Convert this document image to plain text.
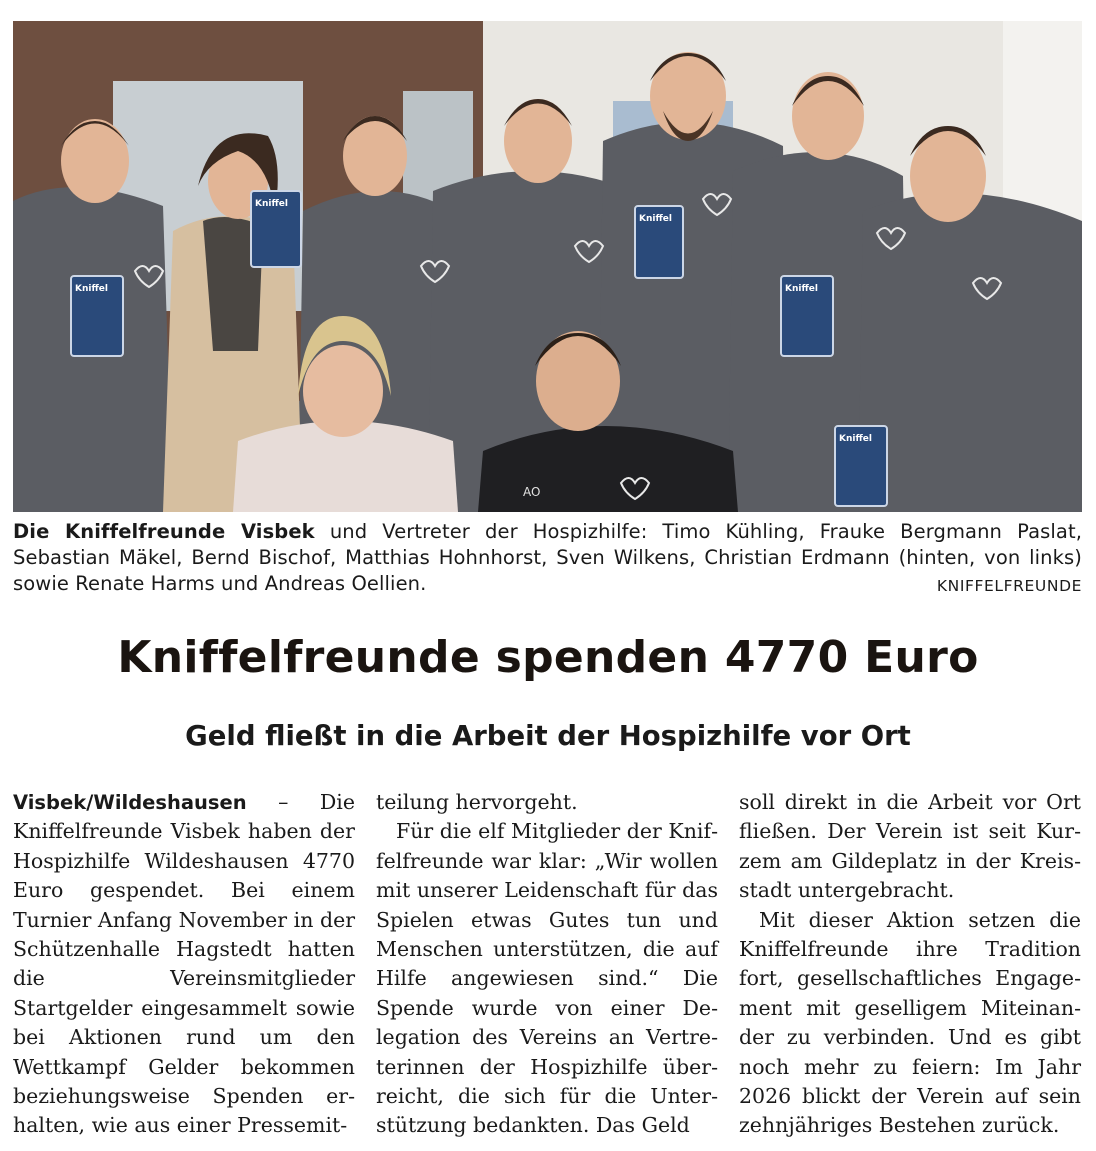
AO
Kniffel
Kniffel
Kniffel
Kniffel
Kniffel
Die Kniffelfreunde Visbek und Vertreter der Hospizhilfe: Timo Kühling, Frauke Bergmann Paslat, Sebastian Mäkel, Bernd Bischof, Matthias Hohnhorst, Sven Wilkens, Christian Erdmann (hinten, von links) sowie Renate Harms und Andreas Oellien.	KNIFFELFREUNDE
Kniffelfreunde spenden 4770 Euro
Geld fließt in die Arbeit der Hospizhilfe vor Ort

Visbek/Wildeshausen – Die Kniffelfreunde Visbek haben der Hospizhilfe Wildeshausen 4770 Euro gespendet. Bei einem Turnier Anfang November in der Schützenhalle Hagstedt hatten die Vereinsmitglieder Startgelder eingesammelt sowie bei Aktionen rund um den Wettkampf Gelder bekommen beziehungsweise Spenden erhalten, wie aus einer Pressemit-

teilung hervorgeht.

Für die elf Mitglieder der Kniffelfreunde war klar: „Wir wollen mit unserer Leidenschaft für das Spielen etwas Gutes tun und Menschen unterstützen, die auf Hilfe angewiesen sind.“ Die Spende wurde von einer Delegation des Vereins an Vertreterinnen der Hospizhilfe überreicht, die sich für die Unterstützung bedankten. Das Geld

soll direkt in die Arbeit vor Ort fließen. Der Verein ist seit Kurzem am Gildeplatz in der Kreisstadt untergebracht.

Mit dieser Aktion setzen die Kniffelfreunde ihre Tradition fort, gesellschaftliches Engagement mit geselligem Miteinander zu verbinden. Und es gibt noch mehr zu feiern: Im Jahr 2026 blickt der Verein auf sein zehnjähriges Bestehen zurück.
